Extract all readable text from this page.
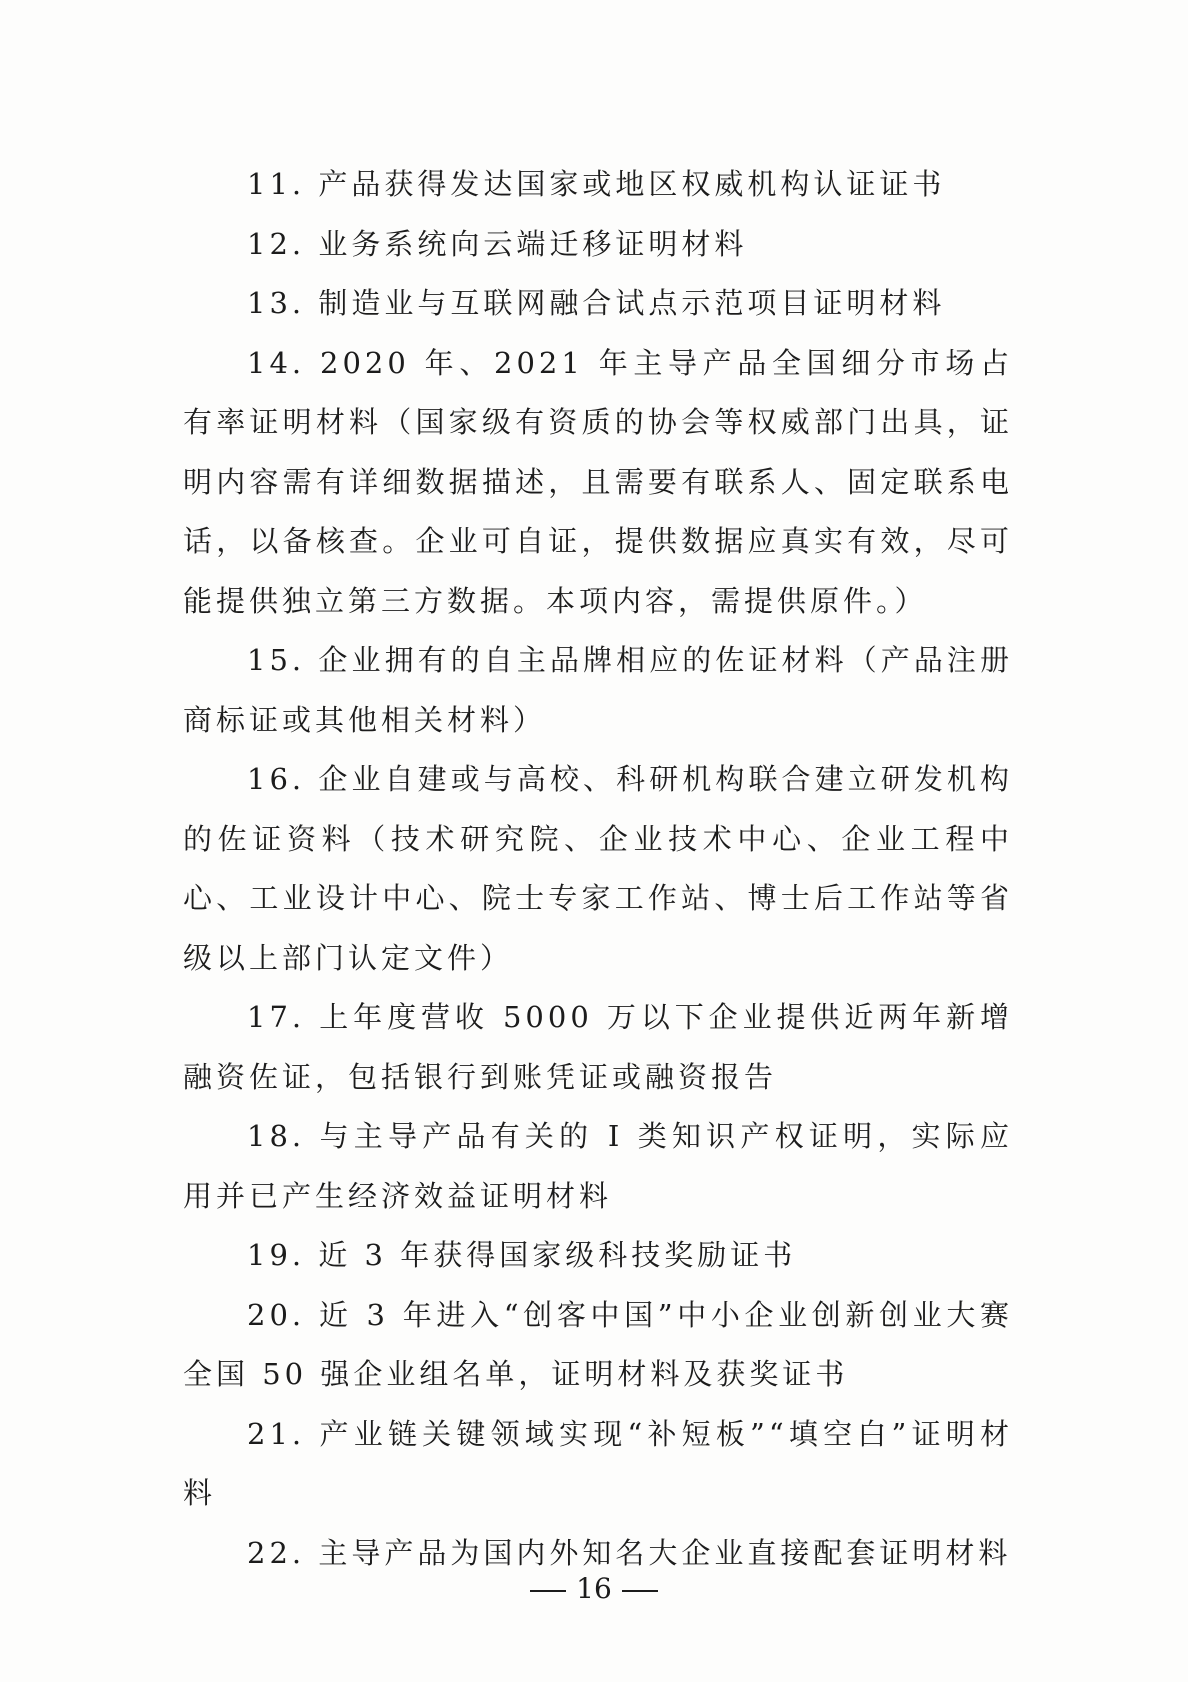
11. 产品获得发达国家或地区权威机构认证证书

12. 业务系统向云端迁移证明材料

13. 制造业与互联网融合试点示范项目证明材料

14. 2020 年、2021 年主导产品全国细分市场占有率证明材料（国家级有资质的协会等权威部门出具，证明内容需有详细数据描述，且需要有联系人、固定联系电话，以备核查。企业可自证，提供数据应真实有效，尽可能提供独立第三方数据。本项内容，需提供原件。）

15. 企业拥有的自主品牌相应的佐证材料（产品注册商标证或其他相关材料）

16. 企业自建或与高校、科研机构联合建立研发机构的佐证资料（技术研究院、企业技术中心、企业工程中心、工业设计中心、院士专家工作站、博士后工作站等省级以上部门认定文件）

17. 上年度营收 5000 万以下企业提供近两年新增融资佐证，包括银行到账凭证或融资报告

18. 与主导产品有关的 I 类知识产权证明，实际应用并已产生经济效益证明材料

19. 近 3 年获得国家级科技奖励证书

20. 近 3 年进入“创客中国”中小企业创新创业大赛全国 50 强企业组名单，证明材料及获奖证书

21. 产业链关键领域实现“补短板”“填空白”证明材料

22. 主导产品为国内外知名大企业直接配套证明材料

16
